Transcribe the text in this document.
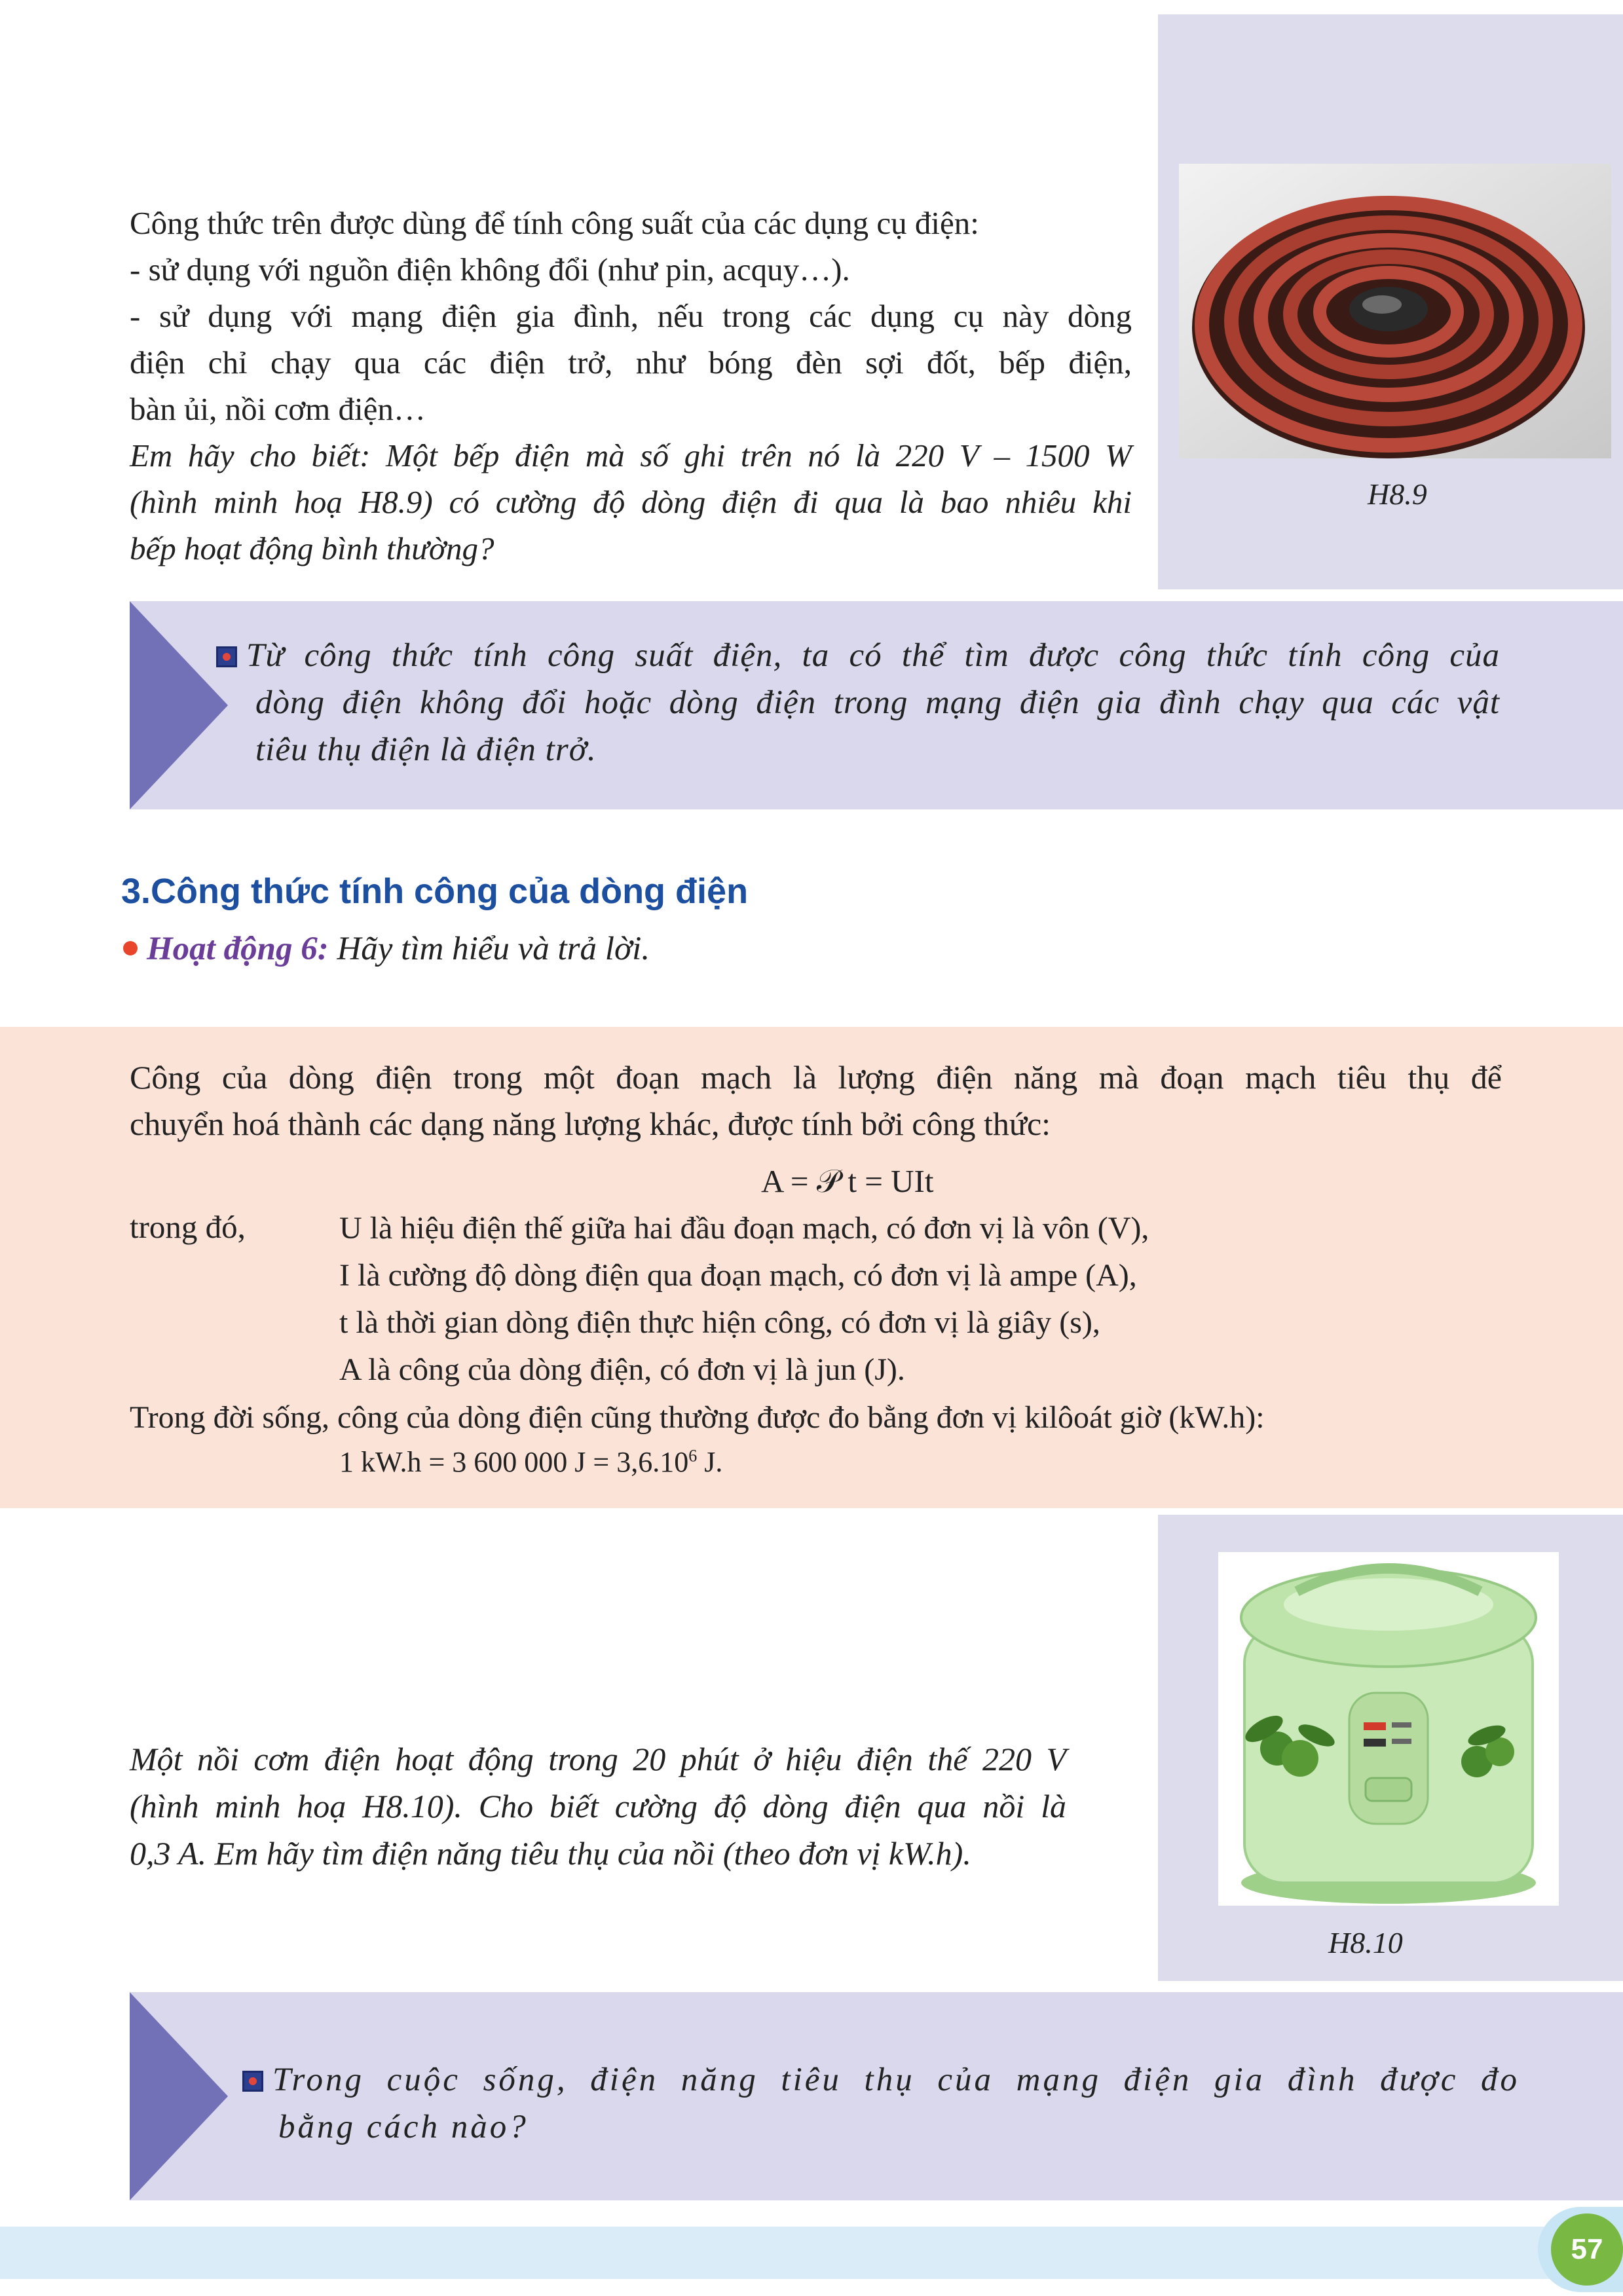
H8.9
Công thức trên được dùng để tính công suất của các dụng cụ điện:
- sử dụng với nguồn điện không đổi (như pin, acquy…).
- sử dụng với mạng điện gia đình, nếu trong các dụng cụ này dòng
điện chỉ chạy qua các điện trở, như bóng đèn sợi đốt, bếp điện,
bàn ủi, nồi cơm điện…
Em hãy cho biết: Một bếp điện mà số ghi trên nó là 220 V – 1500 W
(hình minh hoạ H8.9) có cường độ dòng điện đi qua là bao nhiêu khi
bếp hoạt động bình thường?
Từ công thức tính công suất điện, ta có thể tìm được công thức tính công của
dòng điện không đổi hoặc dòng điện trong mạng điện gia đình chạy qua các vật
tiêu thụ điện là điện trở.
3.Công thức tính công của dòng điện
Hoạt động 6: Hãy tìm hiểu và trả lời.
Công của dòng điện trong một đoạn mạch là lượng điện năng mà đoạn mạch tiêu thụ để
chuyển hoá thành các dạng năng lượng khác, được tính bởi công thức:
A = 𝒫 t = UIt
trong đó,	U là hiệu điện thế giữa hai đầu đoạn mạch, có đơn vị là vôn (V),
I là cường độ dòng điện qua đoạn mạch, có đơn vị là ampe (A),
t là thời gian dòng điện thực hiện công, có đơn vị là giây (s),
A là công của dòng điện, có đơn vị là jun (J).
Trong đời sống, công của dòng điện cũng thường được đo bằng đơn vị kilôoát giờ (kW.h):
1 kW.h = 3 600 000 $J = 3,6.10^6$ J.
H8.10
Một nồi cơm điện hoạt động trong 20 phút ở hiệu điện thế 220 V
(hình minh hoạ H8.10). Cho biết cường độ dòng điện qua nồi là
0,3 A. Em hãy tìm điện năng tiêu thụ của nồi (theo đơn vị kW.h).
Trong cuộc sống, điện năng tiêu thụ của mạng điện gia đình được đo
bằng cách nào?
57
